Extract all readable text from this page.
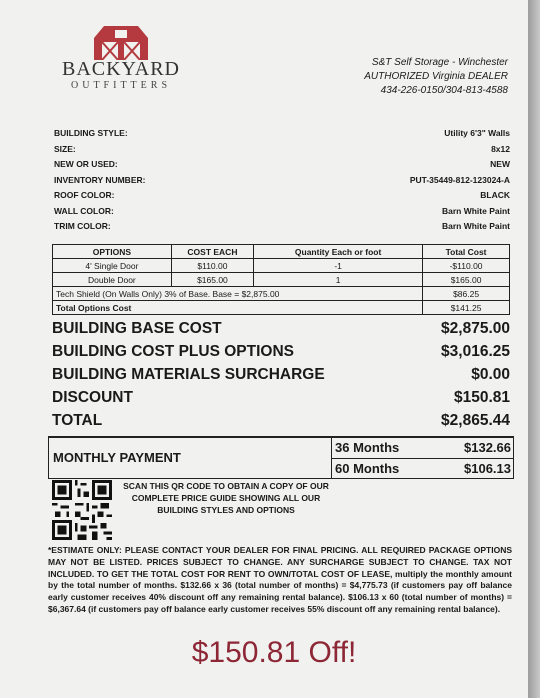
BACKYARD
OUTFITTERS
S&T Self Storage - Winchester
AUTHORIZED Virginia DEALER
434-226-0150/304-813-4588
BUILDING STYLE:	Utility 6'3" Walls
SIZE:	8x12
NEW OR USED:	NEW
INVENTORY NUMBER:	PUT-35449-812-123024-A
ROOF COLOR:	BLACK
WALL COLOR:	Barn White Paint
TRIM COLOR:	Barn White Paint
OPTIONS	COST EACH	Quantity Each or foot	Total Cost
4' Single Door	$110.00	-1	-$110.00
Double Door	$165.00	1	$165.00
Tech Shield (On Walls Only) 3% of Base. Base = $2,875.00			$86.25
Total Options Cost			$141.25
BUILDING BASE COST	$2,875.00
BUILDING COST PLUS OPTIONS	$3,016.25
BUILDING MATERIALS SURCHARGE	$0.00
DISCOUNT	$150.81
TOTAL	$2,865.44
MONTHLY PAYMENT
36 Months	$132.66
60 Months	$106.13
SCAN THIS QR CODE TO OBTAIN A COPY OF OUR COMPLETE PRICE GUIDE SHOWING ALL OUR BUILDING STYLES AND OPTIONS
*ESTIMATE ONLY: PLEASE CONTACT YOUR DEALER FOR FINAL PRICING. ALL REQUIRED PACKAGE OPTIONS MAY NOT BE LISTED. PRICES SUBJECT TO CHANGE. ANY SURCHARGE SUBJECT TO CHANGE. TAX NOT INCLUDED. TO GET THE TOTAL COST FOR RENT TO OWN/TOTAL COST OF LEASE, multiply the monthly amount by the total number of months. $132.66 x 36 (total number of months) = $4,775.73 (if customers pay off balance early customer receives 40% discount off any remaining rental balance). $106.13 x 60 (total number of months) = $6,367.64 (if customers pay off balance early customer receives 55% discount off any remaining rental balance).
$150.81 Off!
